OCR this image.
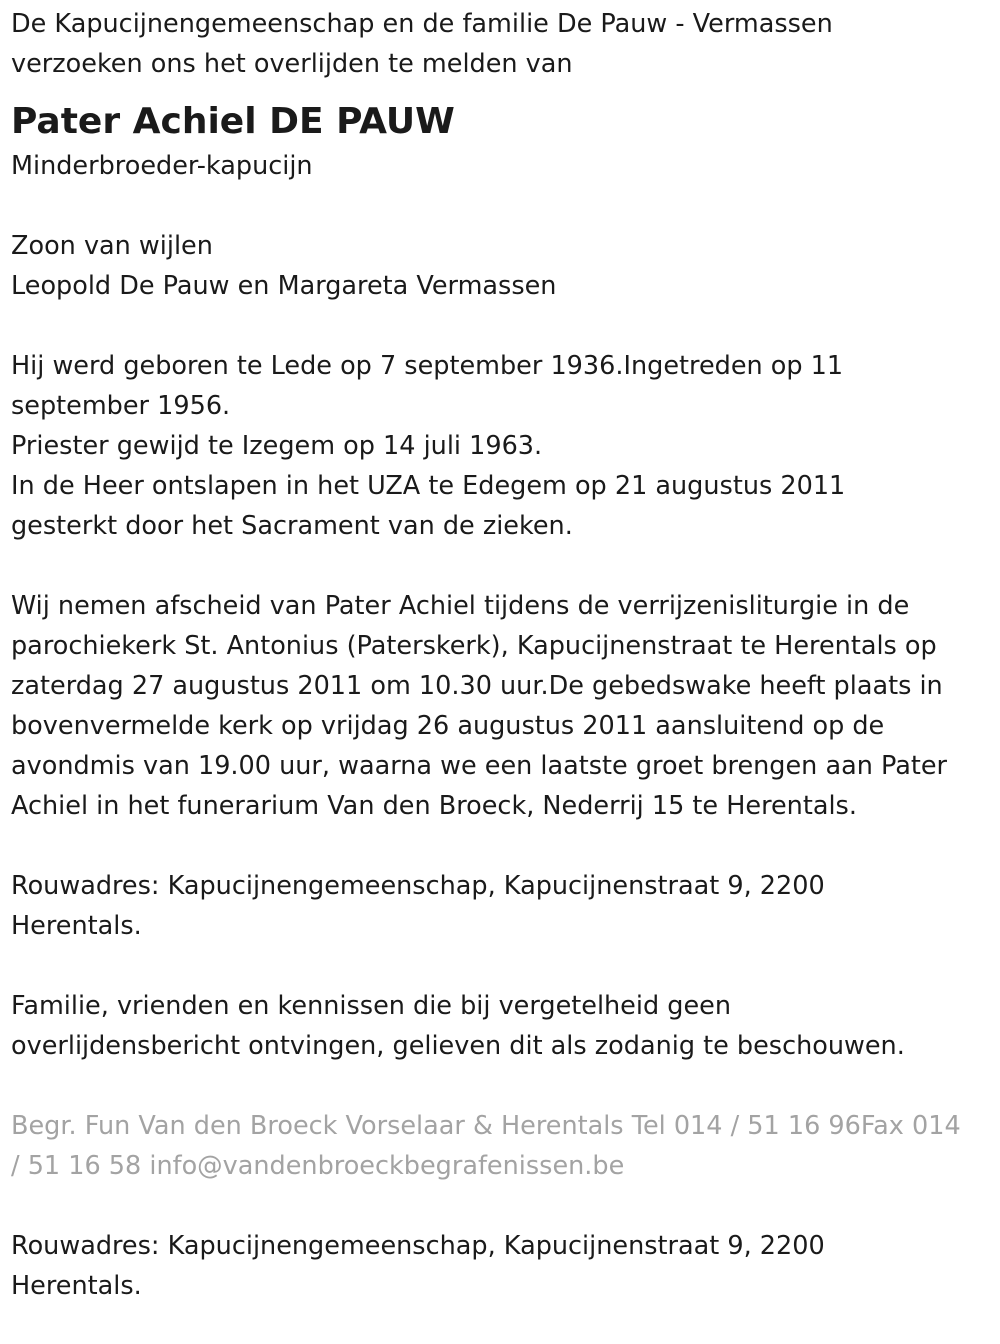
De Kapucijnengemeenschap en de familie De Pauw - Vermassen
verzoeken ons het overlijden te melden van
Pater Achiel DE PAUW
Minderbroeder-kapucijn
Zoon van wijlen
Leopold De Pauw en Margareta Vermassen
Hij werd geboren te Lede op 7 september 1936.Ingetreden op 11
september 1956.
Priester gewijd te Izegem op 14 juli 1963.
In de Heer ontslapen in het UZA te Edegem op 21 augustus 2011
gesterkt door het Sacrament van de zieken.
Wij nemen afscheid van Pater Achiel tijdens de verrijzenisliturgie in de
parochiekerk St. Antonius (Paterskerk), Kapucijnenstraat te Herentals op
zaterdag 27 augustus 2011 om 10.30 uur.De gebedswake heeft plaats in
bovenvermelde kerk op vrijdag 26 augustus 2011 aansluitend op de
avondmis van 19.00 uur, waarna we een laatste groet brengen aan Pater
Achiel in het funerarium Van den Broeck, Nederrij 15 te Herentals.
Rouwadres: Kapucijnengemeenschap, Kapucijnenstraat 9, 2200
Herentals.
Familie, vrienden en kennissen die bij vergetelheid geen
overlijdensbericht ontvingen, gelieven dit als zodanig te beschouwen.
Begr. Fun Van den Broeck Vorselaar & Herentals Tel 014 / 51 16 96Fax 014
/ 51 16 58 info@vandenbroeckbegrafenissen.be
Rouwadres: Kapucijnengemeenschap, Kapucijnenstraat 9, 2200
Herentals.
